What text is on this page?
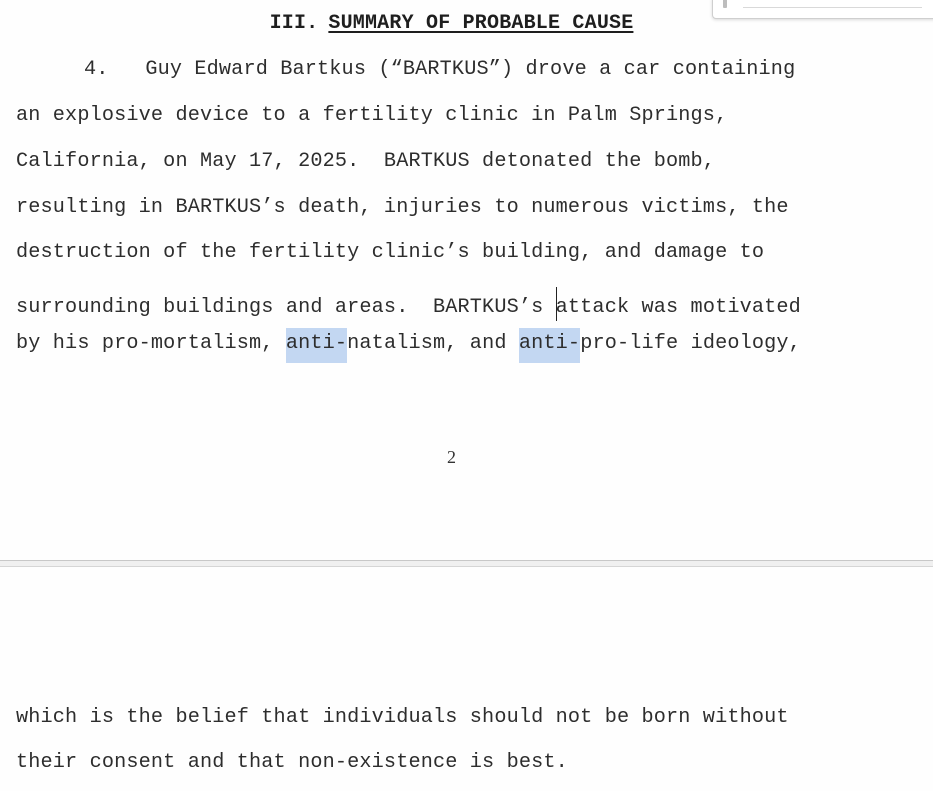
III. SUMMARY OF PROBABLE CAUSE
4.   Guy Edward Bartkus (“BARTKUS”) drove a car containing
an explosive device to a fertility clinic in Palm Springs,
California, on May 17, 2025.  BARTKUS detonated the bomb,
resulting in BARTKUS’s death, injuries to numerous victims, the
destruction of the fertility clinic’s building, and damage to
surrounding buildings and areas.  BARTKUS’s attack was motivated
by his pro-mortalism, anti-natalism, and anti-pro-life ideology,
2
which is the belief that individuals should not be born without
their consent and that non-existence is best.
